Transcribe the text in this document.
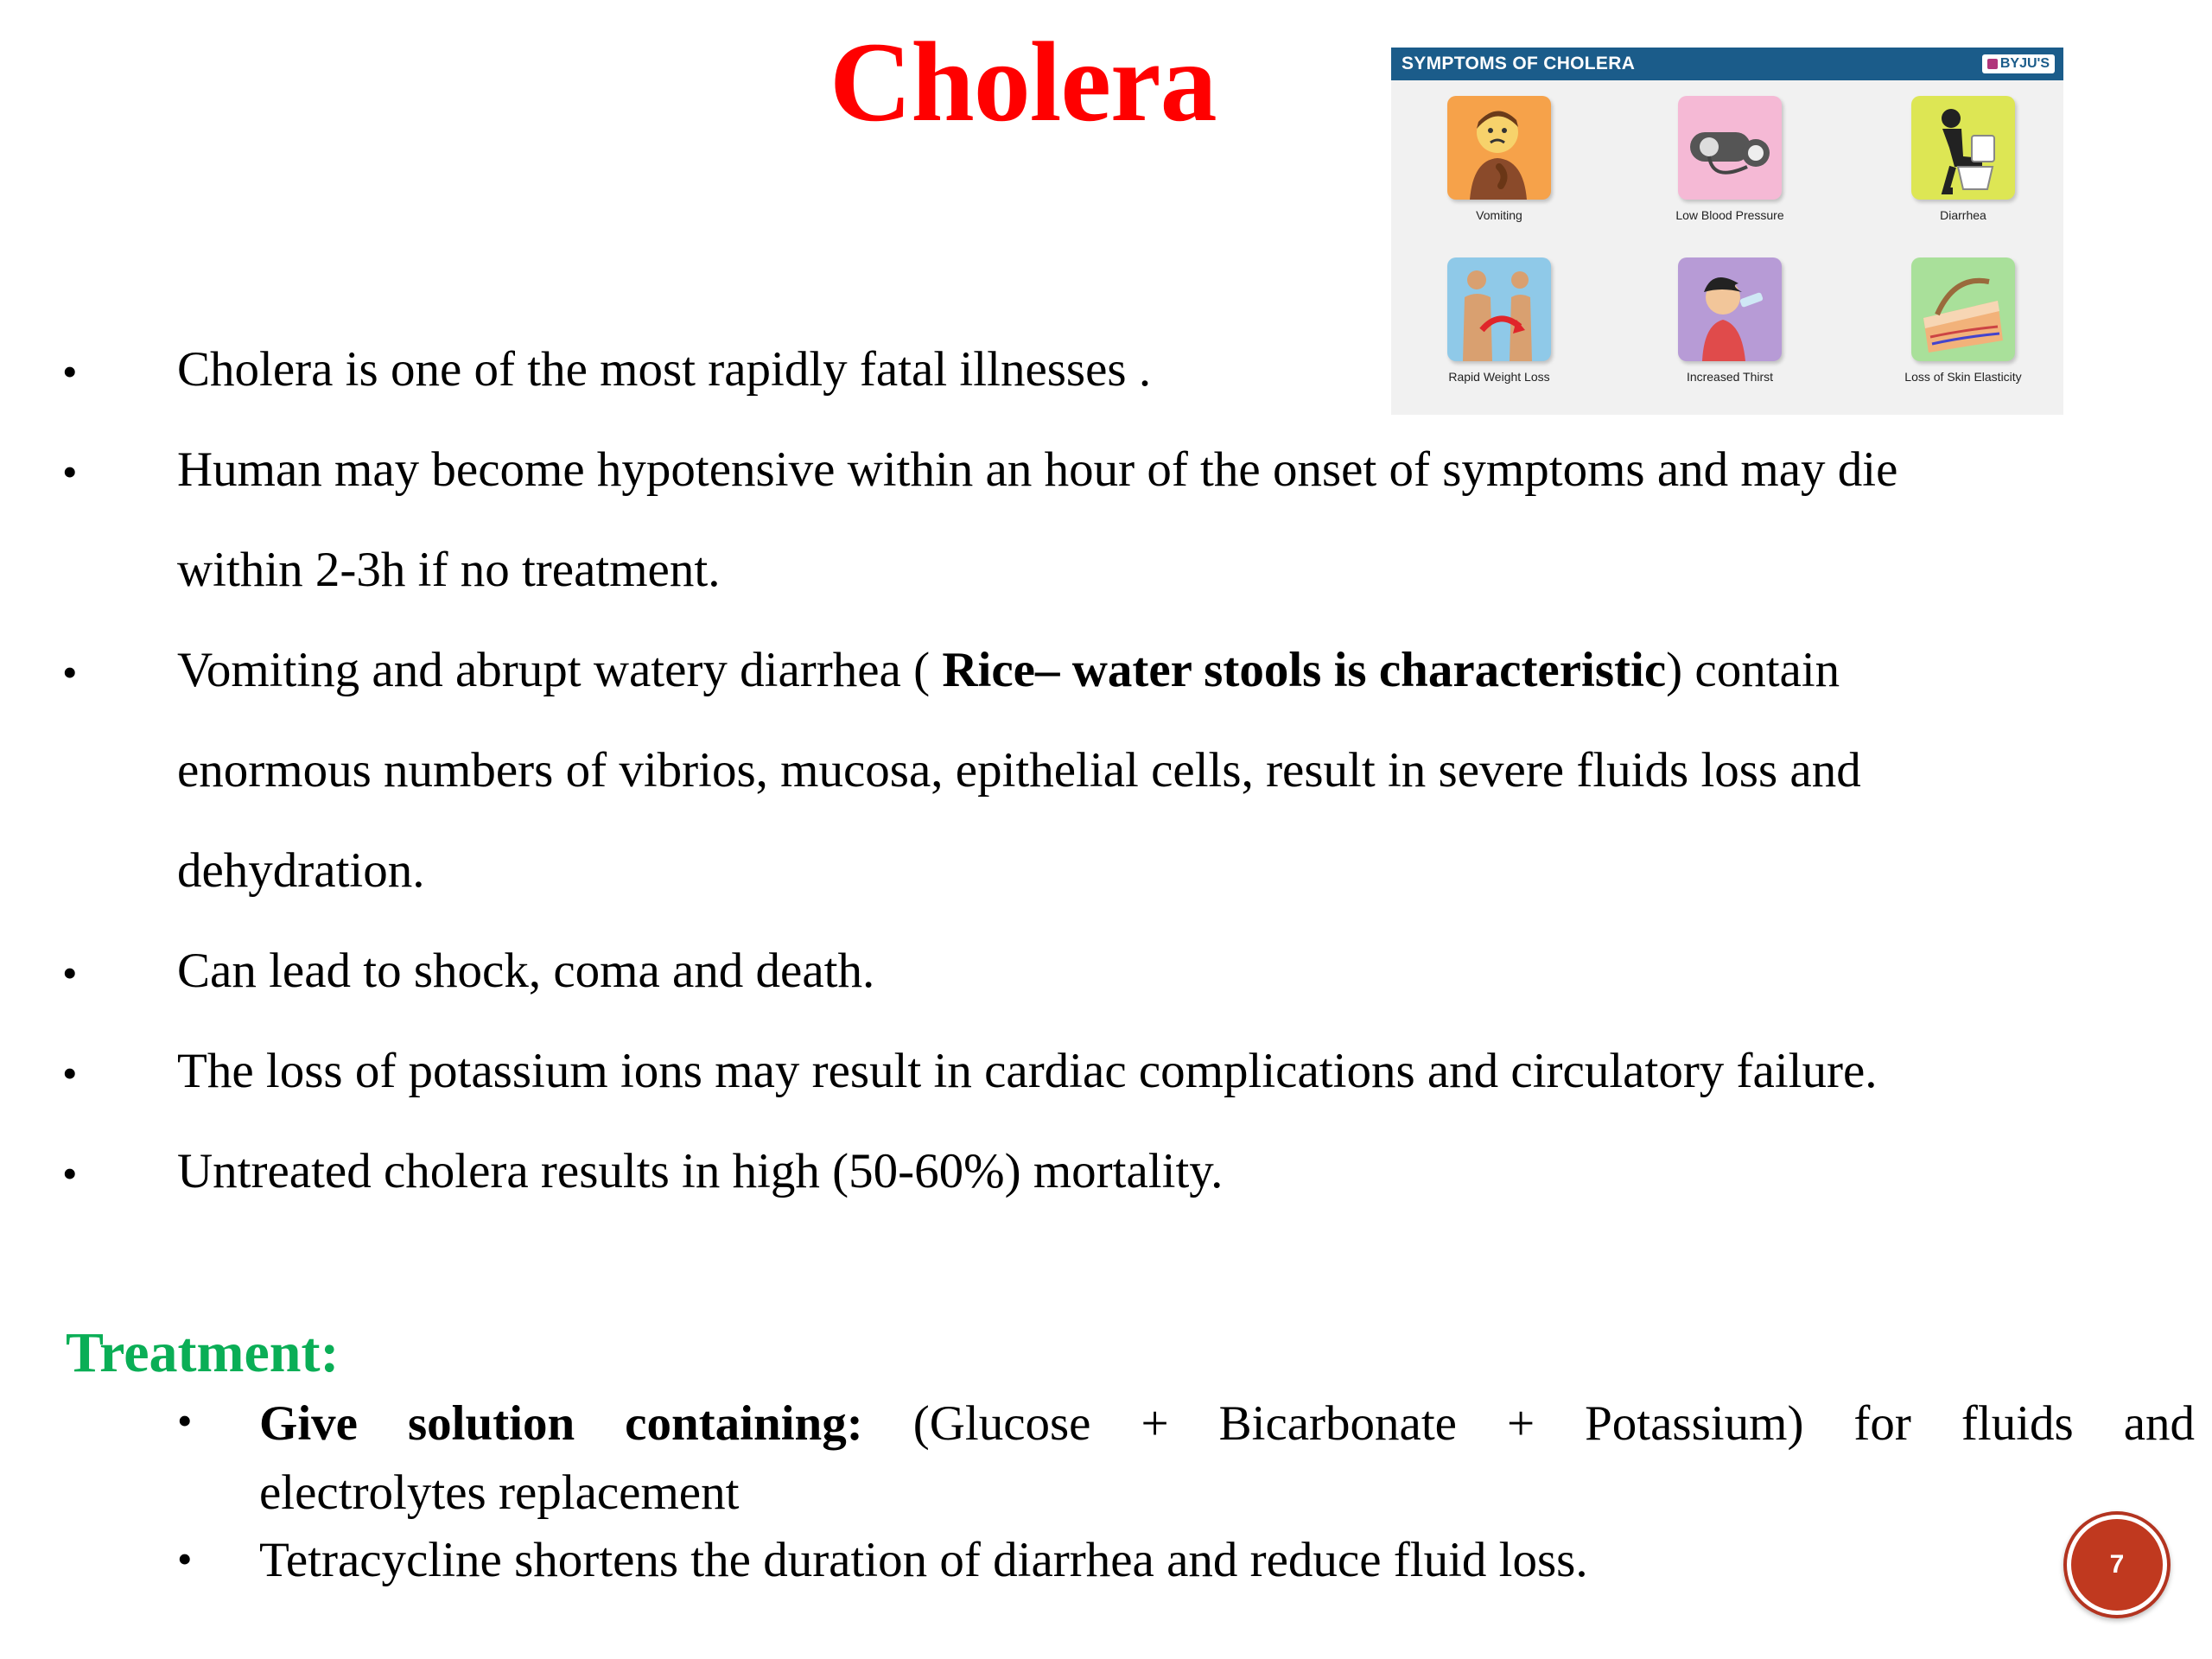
Cholera	SYMPTOMS OF CHOLERA	BYJU'S
Vomiting	Low Blood Pressure	Diarrhea
Rapid Weight Loss	Increased Thirst	Loss of Skin Elasticity
• Cholera is one of the most rapidly fatal illnesses .
• Human may become hypotensive within an hour of the onset of symptoms and may die
within 2-3h if no treatment.
• Vomiting and abrupt watery diarrhea ( Rice– water stools is characteristic) contain
enormous numbers of vibrios, mucosa, epithelial cells, result in severe fluids loss and
dehydration.
• Can lead to shock, coma and death.
• The loss of potassium ions may result in cardiac complications and circulatory failure.
• Untreated cholera results in high (50-60%) mortality.
Treatment:
• Give solution containing: (Glucose + Bicarbonate + Potassium) for fluids and
electrolytes replacement
• Tetracycline shortens the duration of diarrhea and reduce fluid loss.	7
